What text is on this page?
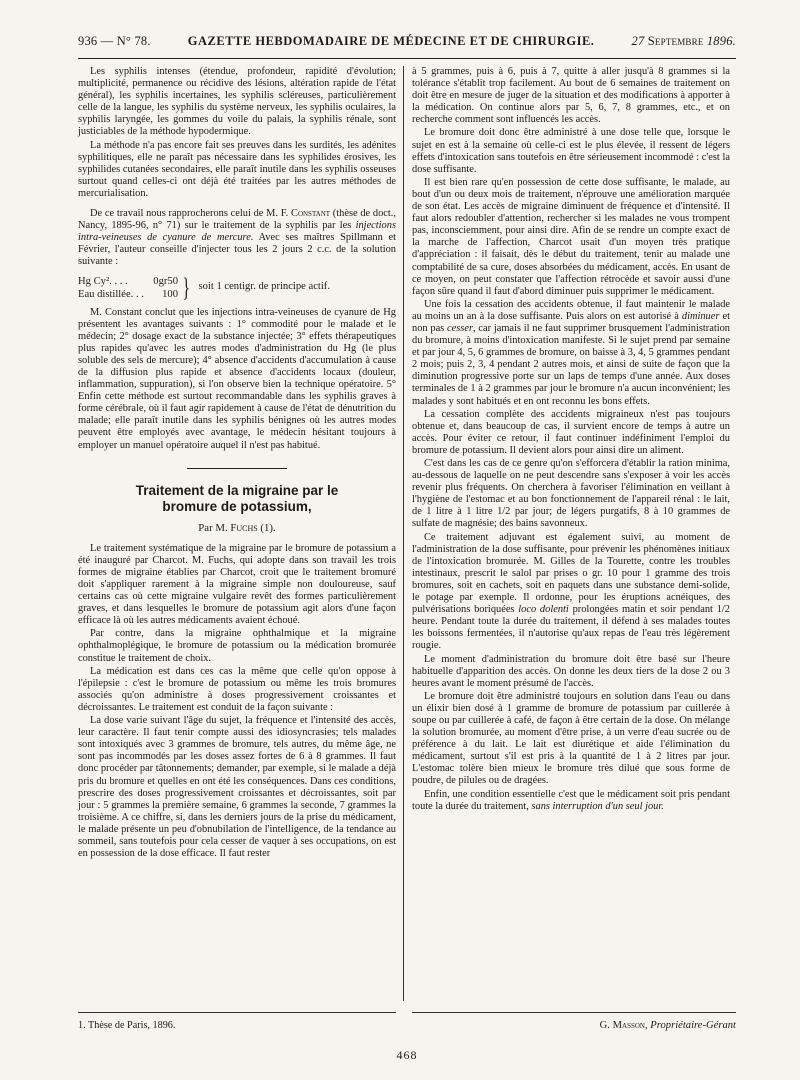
936 — N° 78.	GAZETTE HEBDOMADAIRE DE MÉDECINE ET DE CHIRURGIE.	27 Septembre 1896.

Les syphilis intenses (étendue, profondeur, rapidité d'évolution; multiplicité, permanence ou récidive des lésions, altération rapide de l'état général), les syphilis incertaines, les syphilis scléreuses, particulièrement celle de la langue, les syphilis du système nerveux, les syphilis oculaires, la syphilis laryngée, les gommes du voile du palais, la syphilis rénale, sont justiciables de la méthode hypodermique.

La méthode n'a pas encore fait ses preuves dans les surdités, les adénites syphilitiques, elle ne paraît pas nécessaire dans les syphilides érosives, les syphilides cutanées secondaires, elle paraît inutile dans les syphilis osseuses surtout quand celles-ci ont déjà été traitées par les autres méthodes de mercurialisation.

De ce travail nous rapprocherons celui de M. F. Constant (thèse de doct., Nancy, 1895-96, n° 71) sur le traitement de la syphilis par les injections intra-veineuses de cyanure de mercure. Avec ses maîtres Spillmann et Février, l'auteur conseille d'injecter tous les 2 jours 2 c.c. de la solution suivante :

Hg Cy². . . . 0gr50
Eau distillée. . . 100 } soit 1 centigr. de principe actif.

M. Constant conclut que les injections intra-veineuses de cyanure de Hg présentent les avantages suivants : 1° commodité pour le malade et le médecin; 2° dosage exact de la substance injectée; 3° effets thérapeutiques plus rapides qu'avec les autres modes d'administration du Hg (le plus soluble des sels de mercure); 4° absence d'accidents d'accumulation à cause de la diffusion plus rapide et absence d'accidents locaux (douleur, inflammation, suppuration), si l'on observe bien la technique opératoire. 5° Enfin cette méthode est surtout recommandable dans les syphilis graves à forme cérébrale, où il faut agir rapidement à cause de l'état de dénutrition du malade; elle paraît inutile dans les syphilis bénignes où les autres modes peuvent être employés avec avantage, le médecin hésitant toujours à employer un manuel opératoire auquel il n'est pas habitué.

Traitement de la migraine par le
bromure de potassium,
Par M. Fuchs (1).

Le traitement systématique de la migraine par le bromure de potassium a été inauguré par Charcot. M. Fuchs, qui adopte dans son travail les trois formes de migraine établies par Charcot, croit que le traitement bromuré doit s'appliquer rarement à la migraine simple non douloureuse, sauf certains cas où cette migraine vulgaire revêt des formes particulièrement graves, et dans lesquelles le bromure de potassium agit alors d'une façon efficace là où les autres médicaments avaient échoué.

Par contre, dans la migraine ophthalmique et la migraine ophthalmoplégique, le bromure de potassium ou la médication bromurée constitue le traitement de choix.

La médication est dans ces cas la même que celle qu'on oppose à l'épilepsie : c'est le bromure de potassium ou même les trois bromures associés qu'on administre à doses progressivement croissantes et décroissantes. Le traitement est conduit de la façon suivante :

La dose varie suivant l'âge du sujet, la fréquence et l'intensité des accès, leur caractère. Il faut tenir compte aussi des idiosyncrasies; tels malades sont intoxiqués avec 3 grammes de bromure, tels autres, du même âge, ne sont pas incommodés par les doses assez fortes de 6 à 8 grammes. Il faut donc procéder par tâtonnements; demander, par exemple, si le malade a déjà pris du bromure et quelles en ont été les conséquences. Dans ces conditions, prescrire des doses progressivement croissantes et décroissantes, soit par jour : 5 grammes la première semaine, 6 grammes la seconde, 7 grammes la troisième. A ce chiffre, si, dans les derniers jours de la prise du médicament, le malade présente un peu d'obnubilation de l'intelligence, de la tendance au sommeil, sans toutefois pour cela cesser de vaquer à ses occupations, on est en possession de la dose efficace. Il faut rester

à 5 grammes, puis à 6, puis à 7, quitte à aller jusqu'à 8 grammes si la tolérance s'établit trop facilement. Au bout de 6 semaines de traitement on doit être en mesure de juger de la situation et des modifications à apporter à la médication. On continue alors par 5, 6, 7, 8 grammes, etc., et on recherche comment sont influencés les accès.

Le bromure doit donc être administré à une dose telle que, lorsque le sujet en est à la semaine où celle-ci est le plus élevée, il ressent de légers effets d'intoxication sans toutefois en être sérieusement incommodé : c'est la dose suffisante.

Il est bien rare qu'en possession de cette dose suffisante, le malade, au bout d'un ou deux mois de traitement, n'éprouve une amélioration marquée de son état. Les accès de migraine diminuent de fréquence et d'intensité. Il faut alors redoubler d'attention, rechercher si les malades ne vous trompent pas, inconsciemment, pour ainsi dire. Afin de se rendre un compte exact de la marche de l'affection, Charcot usait d'un moyen très pratique d'appréciation : il faisait, dès le début du traitement, tenir au malade une comptabilité de sa cure, doses absorbées du médicament, accès. En usant de ce moyen, on peut constater que l'affection rétrocède et savoir aussi d'une façon sûre quand il faut d'abord diminuer puis supprimer le médicament.

Une fois la cessation des accidents obtenue, il faut maintenir le malade au moins un an à la dose suffisante. Puis alors on est autorisé à diminuer et non pas cesser, car jamais il ne faut supprimer brusquement l'administration du bromure, à moins d'intoxication manifeste. Si le sujet prend par semaine et par jour 4, 5, 6 grammes de bromure, on baisse à 3, 4, 5 grammes pendant 2 mois; puis 2, 3, 4 pendant 2 autres mois, et ainsi de suite de façon que la diminution progressive porte sur un laps de temps d'une année. Aux doses terminales de 1 à 2 grammes par jour le bromure n'a aucun inconvénient; les malades y sont habitués et en ont reconnu les bons effets.

La cessation complète des accidents migraineux n'est pas toujours obtenue et, dans beaucoup de cas, il survient encore de temps à autre un accès. Pour éviter ce retour, il faut continuer indéfiniment l'emploi du bromure de potassium. Il devient alors pour ainsi dire un aliment.

C'est dans les cas de ce genre qu'on s'efforcera d'établir la ration minima, au-dessous de laquelle on ne peut descendre sans s'exposer à voir les accès revenir plus fréquents. On cherchera à favoriser l'élimination en veillant à l'hygiène de l'estomac et au bon fonctionnement de l'appareil rénal : le lait, de 1 litre à 1 litre 1/2 par jour; de légers purgatifs, 8 à 10 grammes de sulfate de magnésie; des bains savonneux.

Ce traitement adjuvant est également suivi, au moment de l'administration de la dose suffisante, pour prévenir les phénomènes initiaux de l'intoxication bromurée. M. Gilles de la Tourette, contre les troubles intestinaux, prescrit le salol par prises o gr. 10 pour 1 gramme des trois bromures, soit en cachets, soit en paquets dans une substance demi-solide, le potage par exemple. Il ordonne, pour les éruptions acnéiques, des pulvérisations boriquées loco dolenti prolongées matin et soir pendant 1/2 heure. Pendant toute la durée du traitement, il défend à ses malades toutes les boissons fermentées, il n'autorise qu'aux repas de l'eau très légèrement rougie.

Le moment d'administration du bromure doit être basé sur l'heure habituelle d'apparition des accès. On donne les deux tiers de la dose 2 ou 3 heures avant le moment présumé de l'accès.

Le bromure doit être administré toujours en solution dans l'eau ou dans un élixir bien dosé à 1 gramme de bromure de potassium par cuillerée à soupe ou par cuillerée à café, de façon à être certain de la dose. On mélange la solution bromurée, au moment d'être prise, à un verre d'eau sucrée ou de préférence à du lait. Le lait est diurétique et aide l'élimination du médicament, surtout s'il est pris à la quantité de 1 à 2 litres par jour. L'estomac tolère bien mieux le bromure très dilué que sous forme de poudre, de pilules ou de dragées.

Enfin, une condition essentielle c'est que le médicament soit pris pendant toute la durée du traitement, sans interruption d'un seul jour.

1. Thèse de Paris, 1896.	G. Masson, Propriétaire-Gérant
468
